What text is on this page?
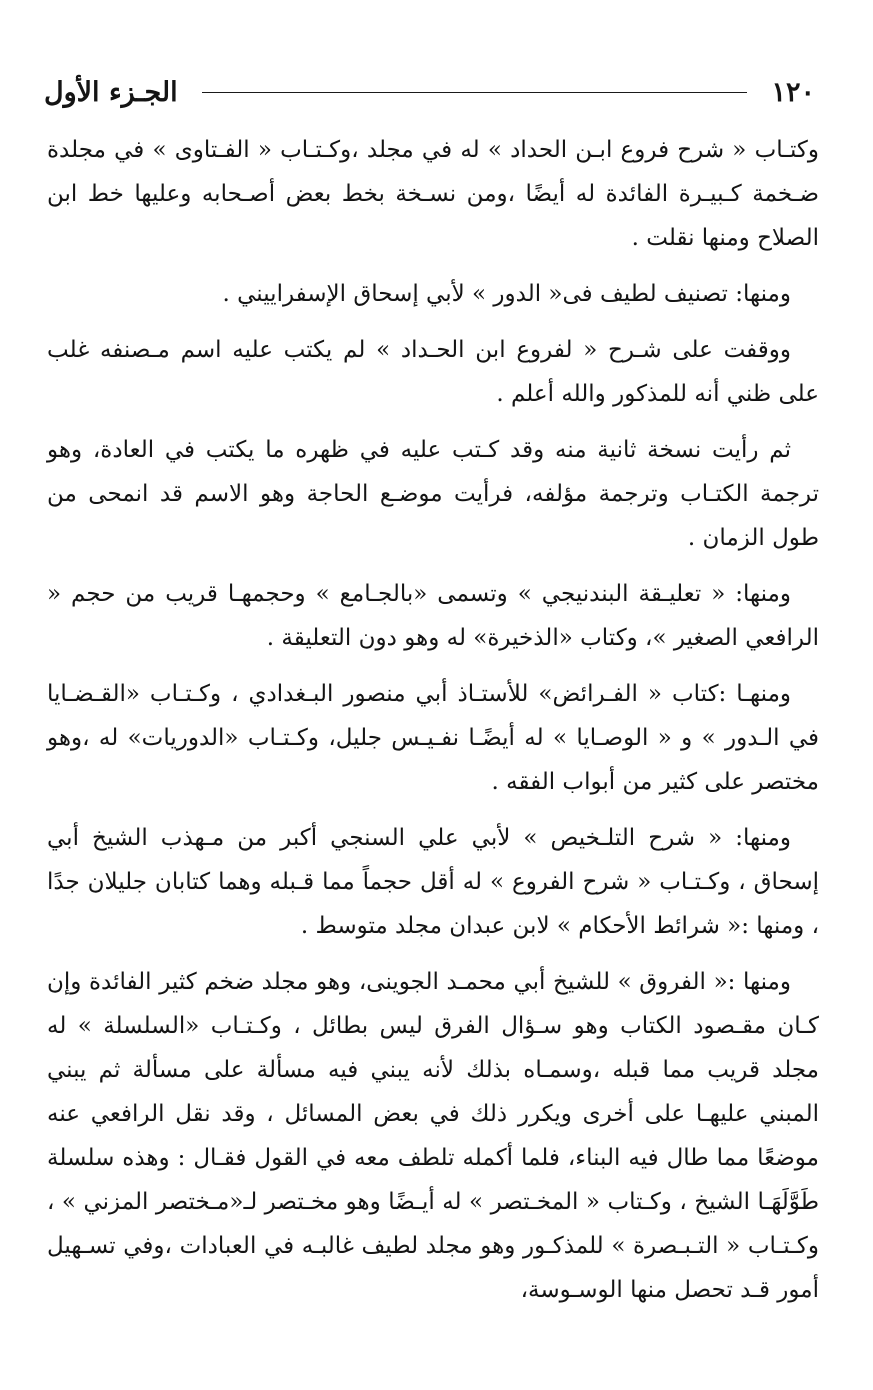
١٢٠
الجـزء الأول

وكتـاب « شرح فروع ابـن الحداد » له في مجلد ،وكـتـاب « الفـتاوى » في مجلدة ضـخمة كـبيـرة الفائدة له أيضًا ،ومن نسـخة بخط بعض أصـحابه وعليها خط ابن الصلاح ومنها نقلت .

ومنها: تصنيف لطيف فى« الدور » لأبي إسحاق الإسفراييني .

ووقفت على شـرح « لفروع ابن الحـداد » لم يكتب عليه اسم مـصنفه غلب على ظني أنه للمذكور والله أعلم .

ثم رأيت نسخة ثانية منه وقد كـتب عليه في ظهره ما يكتب في العادة، وهو ترجمة الكتـاب وترجمة مؤلفه، فرأيت موضـع الحاجة وهو الاسم قد انمحى من طول الزمان .

ومنها: « تعليـقة البندنيجي » وتسمى «بالجـامع » وحجمهـا قريب من حجم « الرافعي الصغير »، وكتاب «الذخيرة» له وهو دون التعليقة .

ومنهـا :كتاب « الفـرائض» للأستـاذ أبي منصور البـغدادي ، وكـتـاب «القـضـايا في الـدور » و « الوصـايا » له أيضًـا نفـيـس جليل، وكـتـاب «الدوريات» له ،وهو مختصر على كثير من أبواب الفقه .

ومنها: « شرح التلـخيص » لأبي علي السنجي أكبر من مـهذب الشيخ أبي إسحاق ، وكـتـاب « شرح الفروع » له أقل حجماً مما قـبله وهما كتابان جليلان جدًا ، ومنها :« شرائط الأحكام » لابن عبدان مجلد متوسط .

ومنها :« الفروق » للشيخ أبي محمـد الجوينى، وهو مجلد ضخم كثير الفائدة وإن كـان مقـصود الكتاب وهو سـؤال الفرق ليس بطائل ، وكـتـاب «السلسلة » له مجلد قريب مما قبله ،وسمـاه بذلك لأنه يبني فيه مسألة على مسألة ثم يبني المبني عليهـا على أخرى ويكرر ذلك في بعض المسائل ، وقد نقل الرافعي عنه موضعًا مما طال فيه البناء، فلما أكمله تلطف معه في القول فقـال : وهذه سلسلة طَوَّلَهَـا الشيخ ، وكـتاب « المخـتصر » له أيـضًا وهو مخـتصر لـ«مـختصر المزني » ، وكـتـاب « التـبـصرة » للمذكـور وهو مجلد لطيف غالبـه في العبادات ،وفي تسـهيل أمور قـد تحصل منها الوسـوسة،
